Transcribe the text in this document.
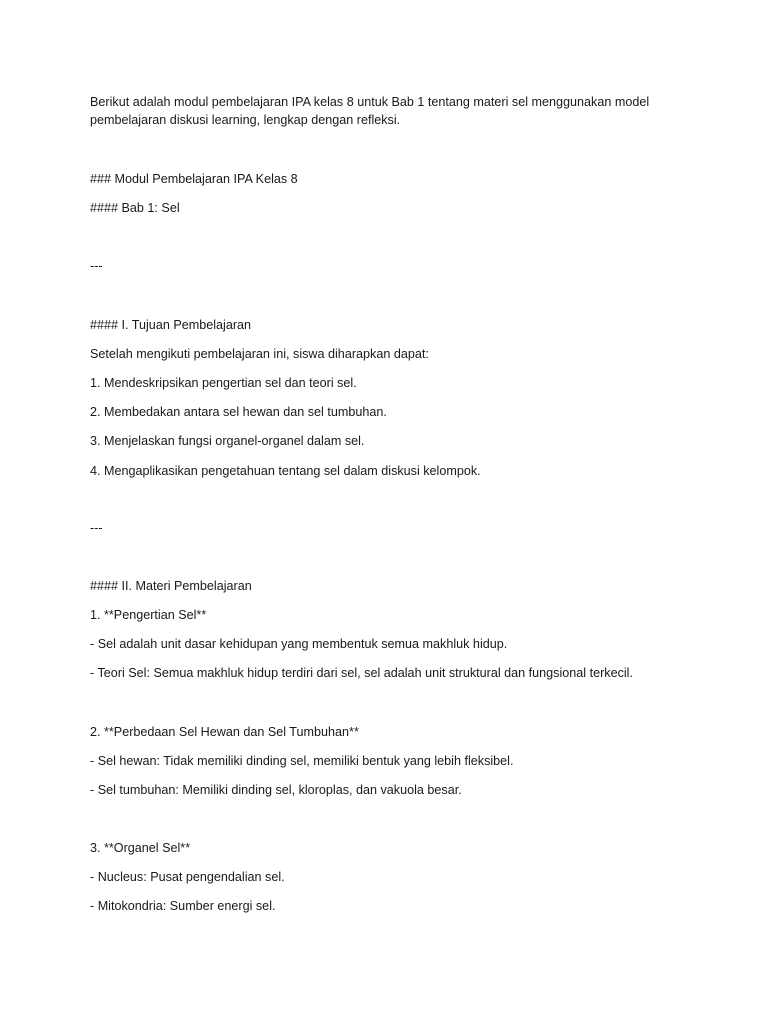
Berikut adalah modul pembelajaran IPA kelas 8 untuk Bab 1 tentang materi sel menggunakan model pembelajaran diskusi learning, lengkap dengan refleksi.
### Modul Pembelajaran IPA Kelas 8
#### Bab 1: Sel
---
#### I. Tujuan Pembelajaran
Setelah mengikuti pembelajaran ini, siswa diharapkan dapat:
1. Mendeskripsikan pengertian sel dan teori sel.
2. Membedakan antara sel hewan dan sel tumbuhan.
3. Menjelaskan fungsi organel-organel dalam sel.
4. Mengaplikasikan pengetahuan tentang sel dalam diskusi kelompok.
---
#### II. Materi Pembelajaran
1. **Pengertian Sel**
- Sel adalah unit dasar kehidupan yang membentuk semua makhluk hidup.
- Teori Sel: Semua makhluk hidup terdiri dari sel, sel adalah unit struktural dan fungsional terkecil.
2. **Perbedaan Sel Hewan dan Sel Tumbuhan**
- Sel hewan: Tidak memiliki dinding sel, memiliki bentuk yang lebih fleksibel.
- Sel tumbuhan: Memiliki dinding sel, kloroplas, dan vakuola besar.
3. **Organel Sel**
- Nucleus: Pusat pengendalian sel.
- Mitokondria: Sumber energi sel.
